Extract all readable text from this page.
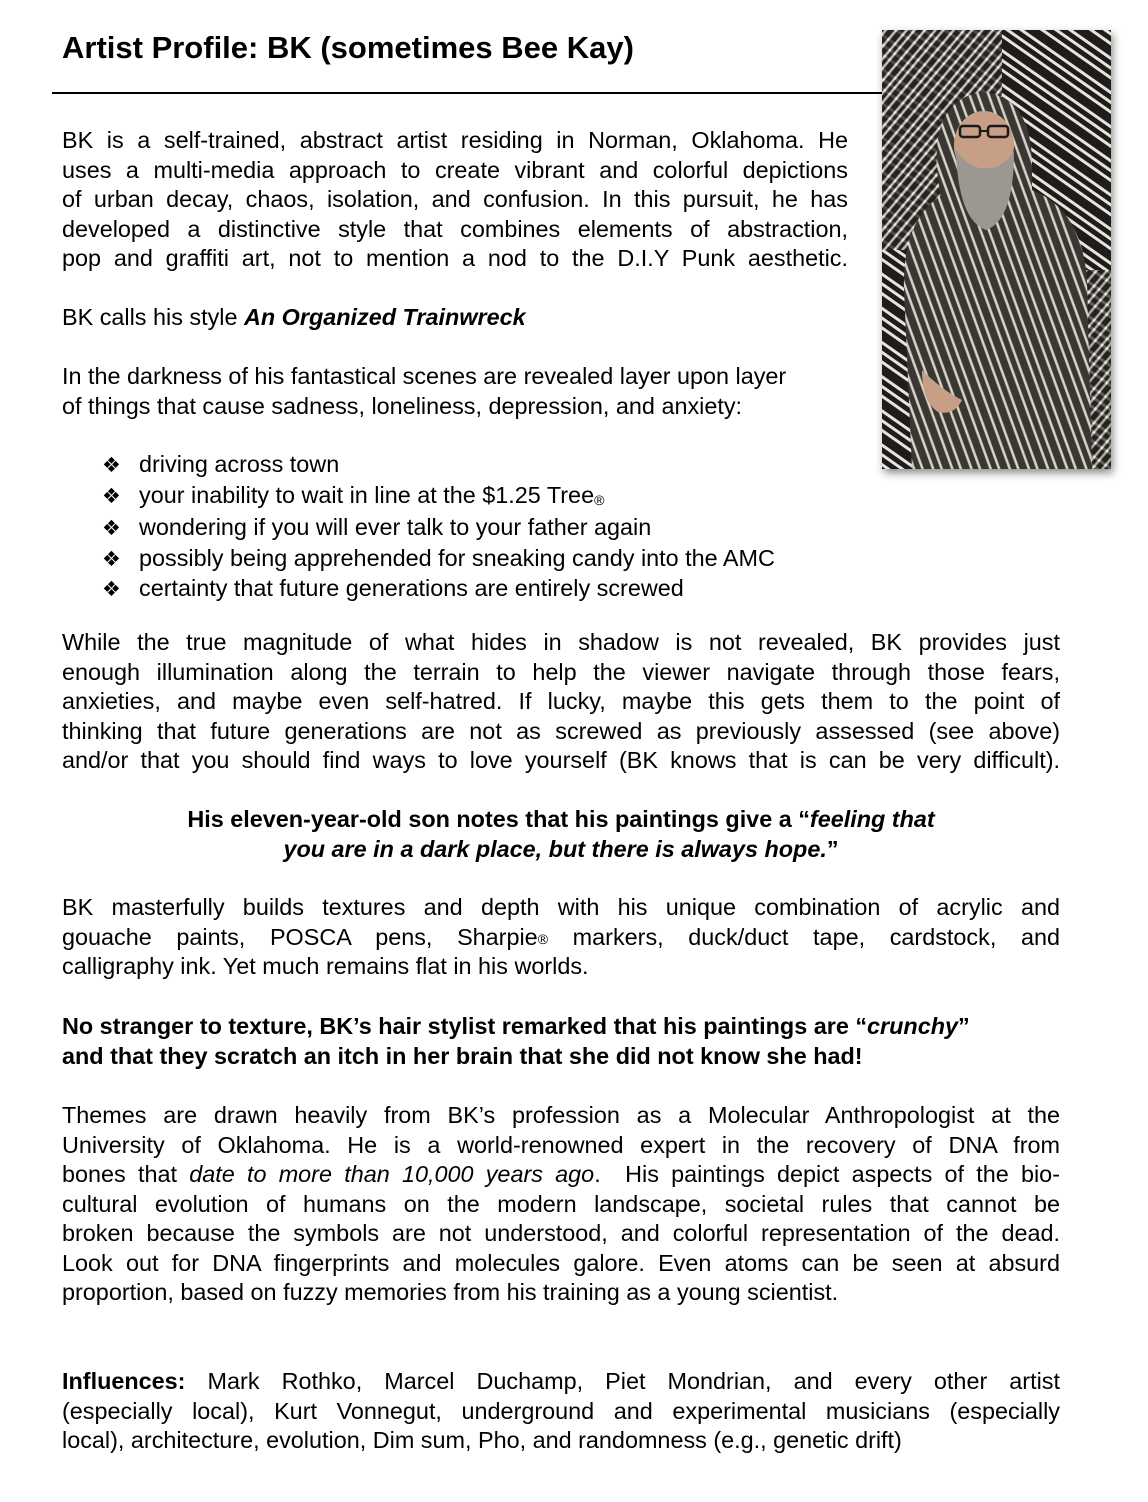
Artist Profile: BK (sometimes Bee Kay)
BK is a self-trained, abstract artist residing in Norman, Oklahoma. He
uses a multi-media approach to create vibrant and colorful depictions
of urban decay, chaos, isolation, and confusion. In this pursuit, he has
developed a distinctive style that combines elements of abstraction,
pop and graffiti art, not to mention a nod to the D.I.Y Punk aesthetic.
BK calls his style An Organized Trainwreck
In the darkness of his fantastical scenes are revealed layer upon layer
of things that cause sadness, loneliness, depression, and anxiety:
❖ driving across town
❖ your inability to wait in line at the $1.25 Tree®
❖ wondering if you will ever talk to your father again
❖ possibly being apprehended for sneaking candy into the AMC
❖ certainty that future generations are entirely screwed
While the true magnitude of what hides in shadow is not revealed, BK provides just
enough illumination along the terrain to help the viewer navigate through those fears,
anxieties, and maybe even self-hatred. If lucky, maybe this gets them to the point of
thinking that future generations are not as screwed as previously assessed (see above)
and/or that you should find ways to love yourself (BK knows that is can be very difficult).
His eleven-year-old son notes that his paintings give a “feeling that
you are in a dark place, but there is always hope.”
BK masterfully builds textures and depth with his unique combination of acrylic and
gouache paints, POSCA pens, Sharpie® markers, duck/duct tape, cardstock, and
calligraphy ink. Yet much remains flat in his worlds.
No stranger to texture, BK’s hair stylist remarked that his paintings are “crunchy”
and that they scratch an itch in her brain that she did not know she had!
Themes are drawn heavily from BK’s profession as a Molecular Anthropologist at the
University of Oklahoma. He is a world-renowned expert in the recovery of DNA from
bones that date to more than 10,000 years ago.  His paintings depict aspects of the bio-
cultural evolution of humans on the modern landscape, societal rules that cannot be
broken because the symbols are not understood, and colorful representation of the dead.
Look out for DNA fingerprints and molecules galore. Even atoms can be seen at absurd
proportion, based on fuzzy memories from his training as a young scientist.
Influences: Mark Rothko, Marcel Duchamp, Piet Mondrian, and every other artist
(especially local), Kurt Vonnegut, underground and experimental musicians (especially
local), architecture, evolution, Dim sum, Pho, and randomness (e.g., genetic drift)
